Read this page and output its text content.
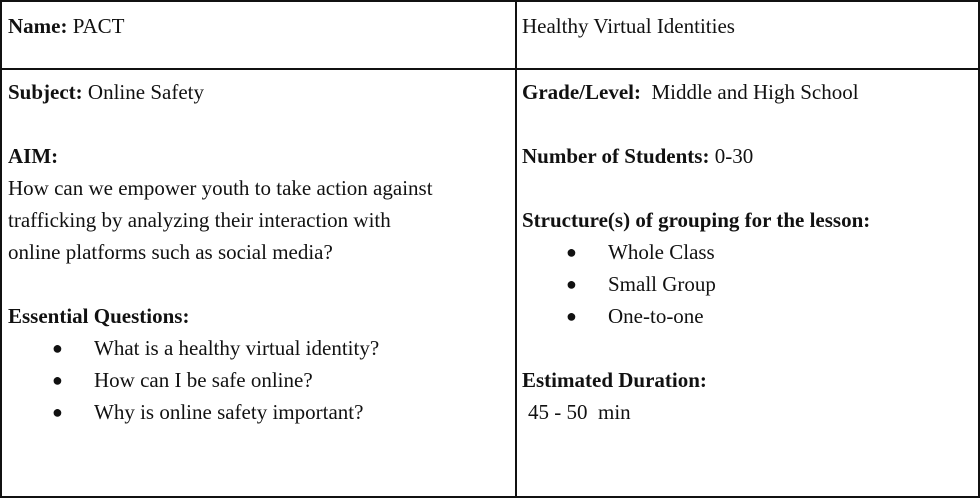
Name: PACT	Healthy Virtual Identities
Subject: Online Safety
AIM:
How can we empower youth to take action against
trafficking by analyzing their interaction with
online platforms such as social media?
Essential Questions:
● What is a healthy virtual identity?
● How can I be safe online?
● Why is online safety important?
Grade/Level:  Middle and High School
Number of Students: 0-30
Structure(s) of grouping for the lesson:
● Whole Class
● Small Group
● One-to-one
Estimated Duration:
45 - 50  min
